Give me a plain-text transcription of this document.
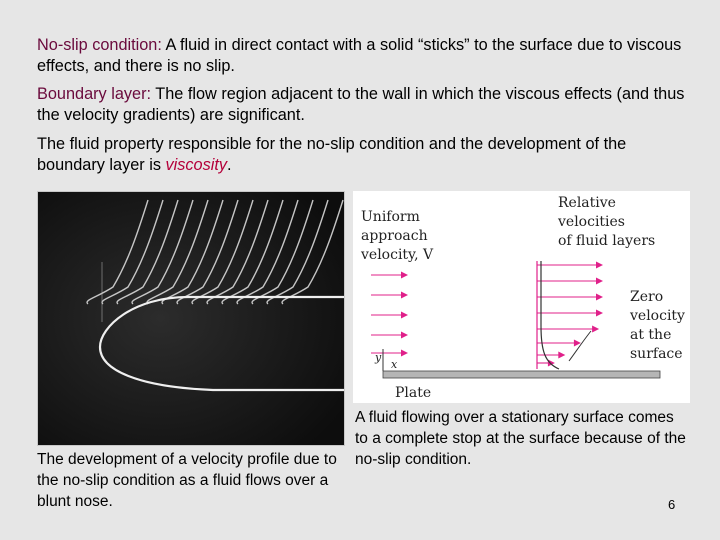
No-slip condition: A fluid in direct contact with a solid “sticks” to the surface due to viscous effects, and there is no slip.

Boundary layer: The flow region adjacent to the wall in which the viscous effects (and thus the velocity gradients) are significant.

The fluid property responsible for the no-slip condition and the development of the boundary layer is viscosity.

Uniform
approach
velocity, V
Relative
velocities
of fluid layers
Zero
velocity
at the
surface
y
x
Plate

The development of a velocity profile due to the no-slip condition as a fluid flows over a blunt nose.

A fluid flowing over a stationary surface comes to a complete stop at the surface because of the no-slip condition.

6
